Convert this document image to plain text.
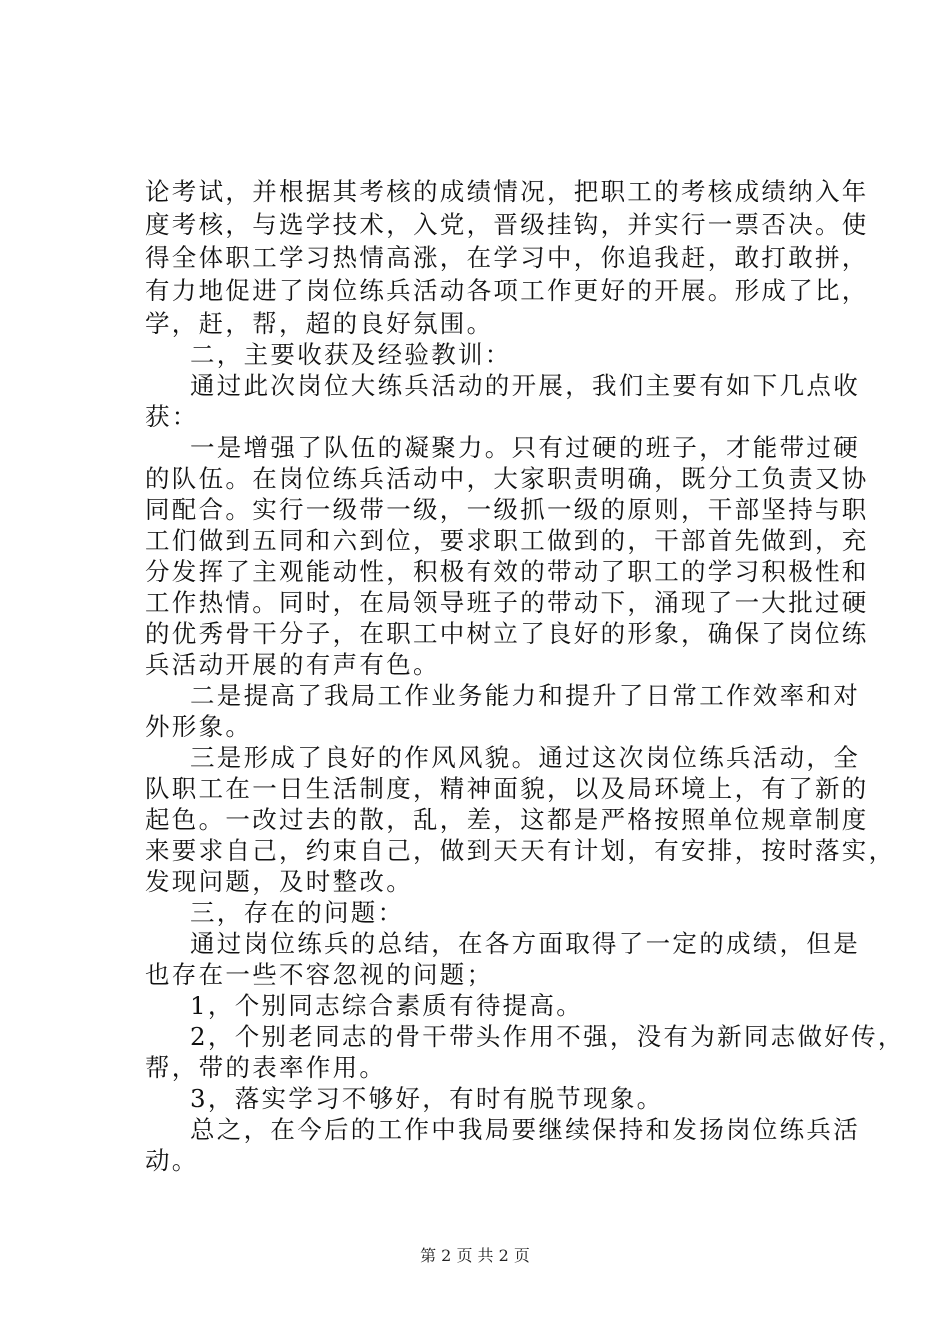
论考试，并根据其考核的成绩情况，把职工的考核成绩纳入年
度考核，与选学技术，入党，晋级挂钩，并实行一票否决。使
得全体职工学习热情高涨，在学习中，你追我赶，敢打敢拼，
有力地促进了岗位练兵活动各项工作更好的开展。形成了比，
学，赶，帮，超的良好氛围。
二，主要收获及经验教训：
通过此次岗位大练兵活动的开展，我们主要有如下几点收
获：
一是增强了队伍的凝聚力。只有过硬的班子，才能带过硬
的队伍。在岗位练兵活动中，大家职责明确，既分工负责又协
同配合。实行一级带一级，一级抓一级的原则，干部坚持与职
工们做到五同和六到位，要求职工做到的，干部首先做到，充
分发挥了主观能动性，积极有效的带动了职工的学习积极性和
工作热情。同时，在局领导班子的带动下，涌现了一大批过硬
的优秀骨干分子，在职工中树立了良好的形象，确保了岗位练
兵活动开展的有声有色。
二是提高了我局工作业务能力和提升了日常工作效率和对
外形象。
三是形成了良好的作风风貌。通过这次岗位练兵活动，全
队职工在一日生活制度，精神面貌，以及局环境上，有了新的
起色。一改过去的散，乱，差，这都是严格按照单位规章制度
来要求自己，约束自己，做到天天有计划，有安排，按时落实，
发现问题，及时整改。
三，存在的问题：
通过岗位练兵的总结，在各方面取得了一定的成绩，但是
也存在一些不容忽视的问题；
1，个别同志综合素质有待提高。
2，个别老同志的骨干带头作用不强，没有为新同志做好传，
帮，带的表率作用。
3，落实学习不够好，有时有脱节现象。
总之，在今后的工作中我局要继续保持和发扬岗位练兵活
动。
第 2 页 共 2 页
